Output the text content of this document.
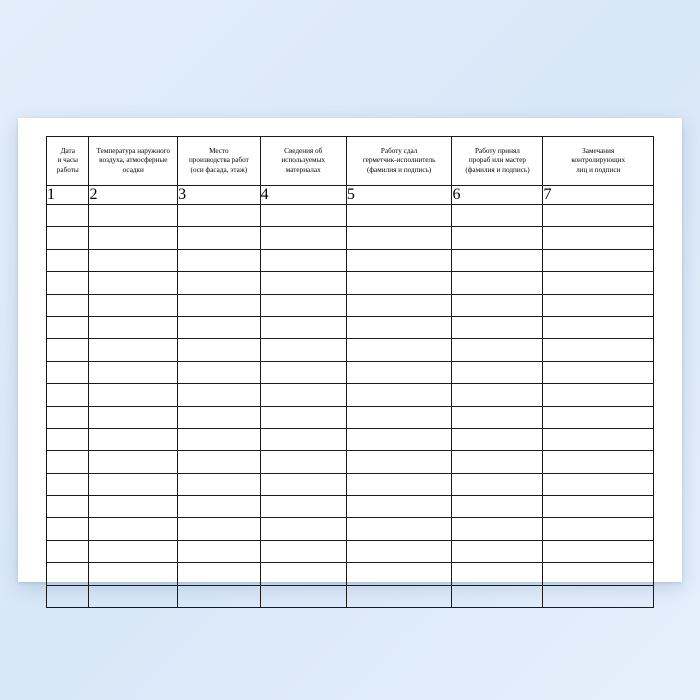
Дата
и часы
работы	Температура наружного
воздуха, атмосферные
осадки	Место
производства работ
(оси фасада, этаж)	Сведения об
используемых
материалах	Работу сдал
герметчик-исполнитель
(фамилия и подпись)	Работу принял
прораб или мастер
(фамилия и подпись)	Замечания
контролирующих
лиц и подписи

1	2	3	4	5	6	7
